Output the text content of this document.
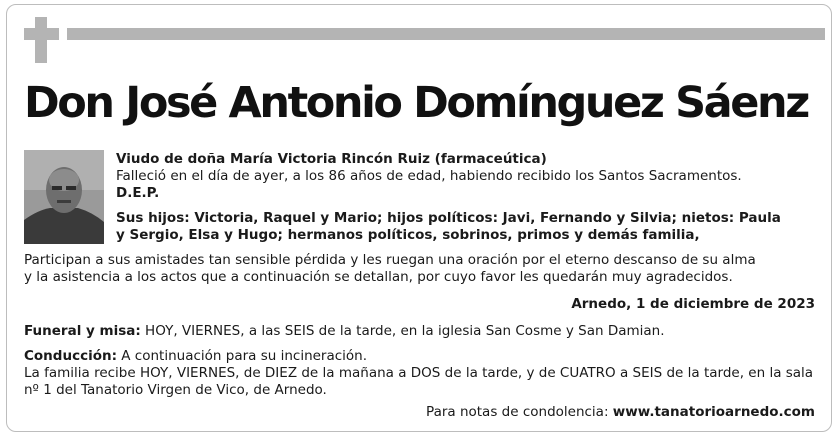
Don José Antonio Domínguez Sáenz

Viudo de doña María Victoria Rincón Ruiz (farmaceútica)

Falleció en el día de ayer, a los 86 años de edad, habiendo recibido los Santos Sacramentos.

D.E.P.

Sus hijos: Victoria, Raquel y Mario; hijos políticos: Javi, Fernando y Silvia; nietos: Paula

y Sergio, Elsa y Hugo; hermanos políticos, sobrinos, primos y demás familia,

Participan a sus amistades tan sensible pérdida y les ruegan una oración por el eterno descanso de su alma

y la asistencia a los actos que a continuación se detallan, por cuyo favor les quedarán muy agradecidos.

Arnedo, 1 de diciembre de 2023

Funeral y misa: HOY, VIERNES, a las SEIS de la tarde, en la iglesia San Cosme y San Damian.

Conducción: A continuación para su incineración.

La familia recibe HOY, VIERNES, de DIEZ de la mañana a DOS de la tarde, y de CUATRO a SEIS de la tarde, en la sala

nº 1 del Tanatorio Virgen de Vico, de Arnedo.

Para notas de condolencia: www.tanatorioarnedo.com
